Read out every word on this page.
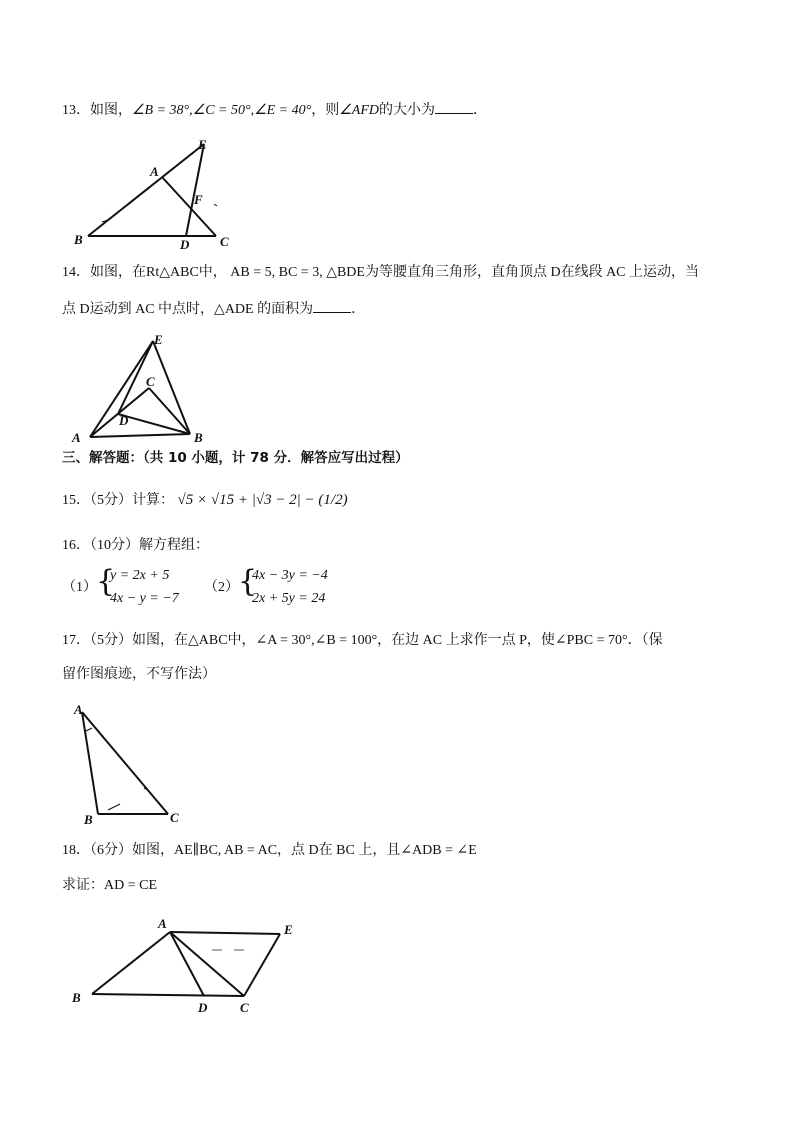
13．如图，∠B = 38°,∠C = 50°,∠E = 40°，则∠AFD的大小为	．
A
B	C
D
E
F
14．如图，在Rt△ABC中， AB = 5, BC = 3, △BDE为等腰直角三角形，直角顶点 D在线段 AC 上运动，当
点 D运动到 AC 中点时，△ADE 的面积为	．
A	B
C
D
E
三、解答题：（共 10 小题，计 78 分．解答应写出过程）
15．（5分）计算： √5 × √15 + |√3 − 2| − (1/2)
16．（10分）解方程组：
（1） {
y = 2x + 5
4x − y = −7
（2） {
4x − 3y = −4
2x + 5y = 24
17．（5分）如图，在△ABC中，∠A = 30°,∠B = 100°，在边 AC 上求作一点 P，使∠PBC = 70°．（保
留作图痕迹，不写作法）
A
B	C
18．（6分）如图，AE∥BC, AB = AC，点 D在 BC 上，且∠ADB = ∠E
求证：AD = CE
A
B
C
D
E
